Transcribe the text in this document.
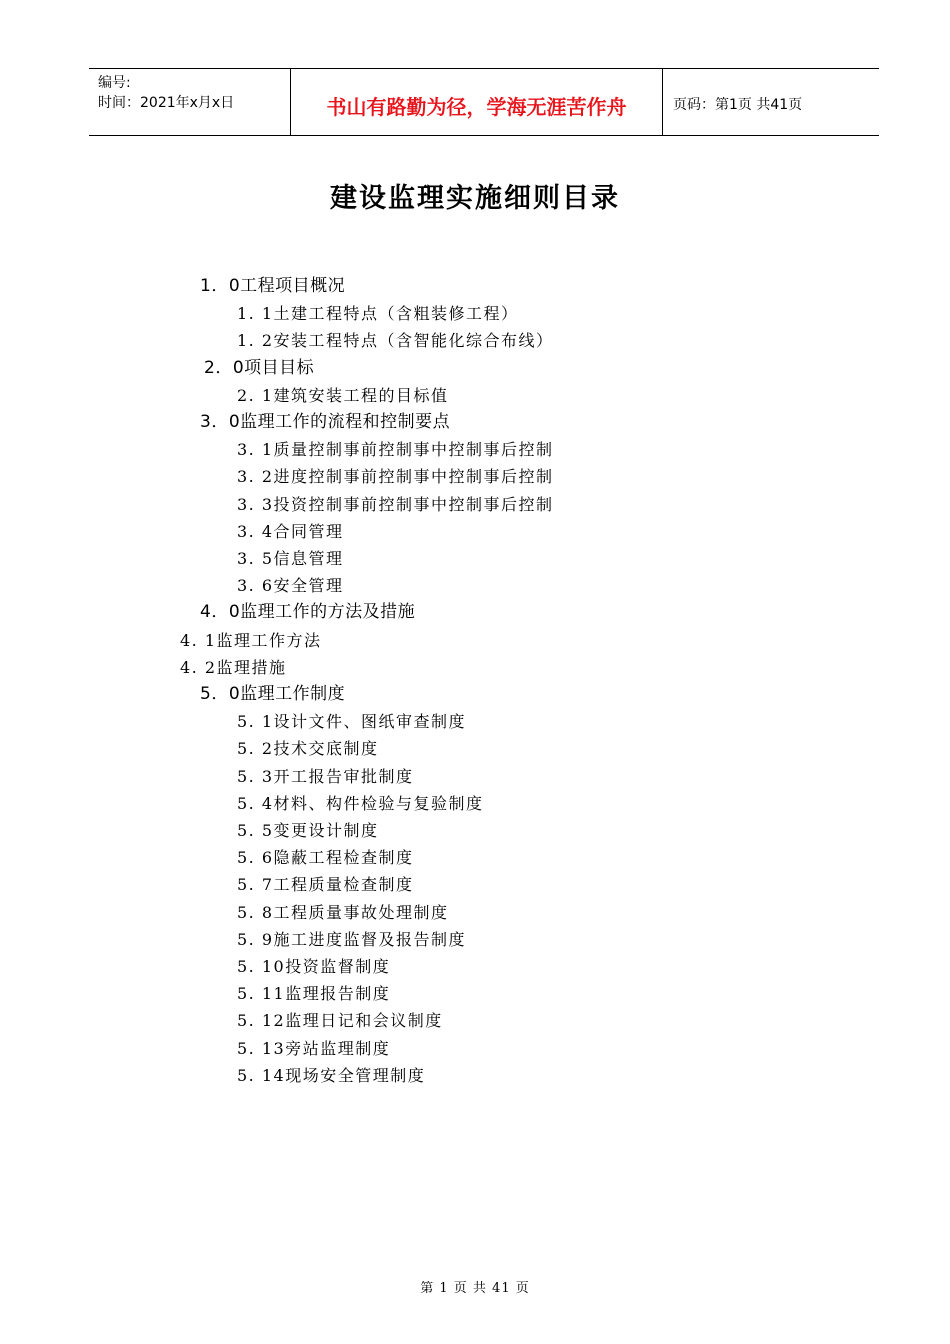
编号:
时间：2021年x月x日	书山有路勤为径，学海无涯苦作舟	页码：第1页 共41页
建设监理实施细则目录
1．0工程项目概况
1. 1土建工程特点（含粗装修工程）
1. 2安装工程特点（含智能化综合布线）
2．0项目目标
2. 1建筑安装工程的目标值
3．0监理工作的流程和控制要点
3. 1质量控制事前控制事中控制事后控制
3. 2进度控制事前控制事中控制事后控制
3. 3投资控制事前控制事中控制事后控制
3. 4合同管理
3. 5信息管理
3. 6安全管理
4．0监理工作的方法及措施
4. 1监理工作方法
4. 2监理措施
5．0监理工作制度
5. 1设计文件、图纸审查制度
5. 2技术交底制度
5. 3开工报告审批制度
5. 4材料、构件检验与复验制度
5. 5变更设计制度
5. 6隐蔽工程检查制度
5. 7工程质量检查制度
5. 8工程质量事故处理制度
5. 9施工进度监督及报告制度
5. 10投资监督制度
5. 11监理报告制度
5. 12监理日记和会议制度
5. 13旁站监理制度
5. 14现场安全管理制度
第 1 页 共 41 页
